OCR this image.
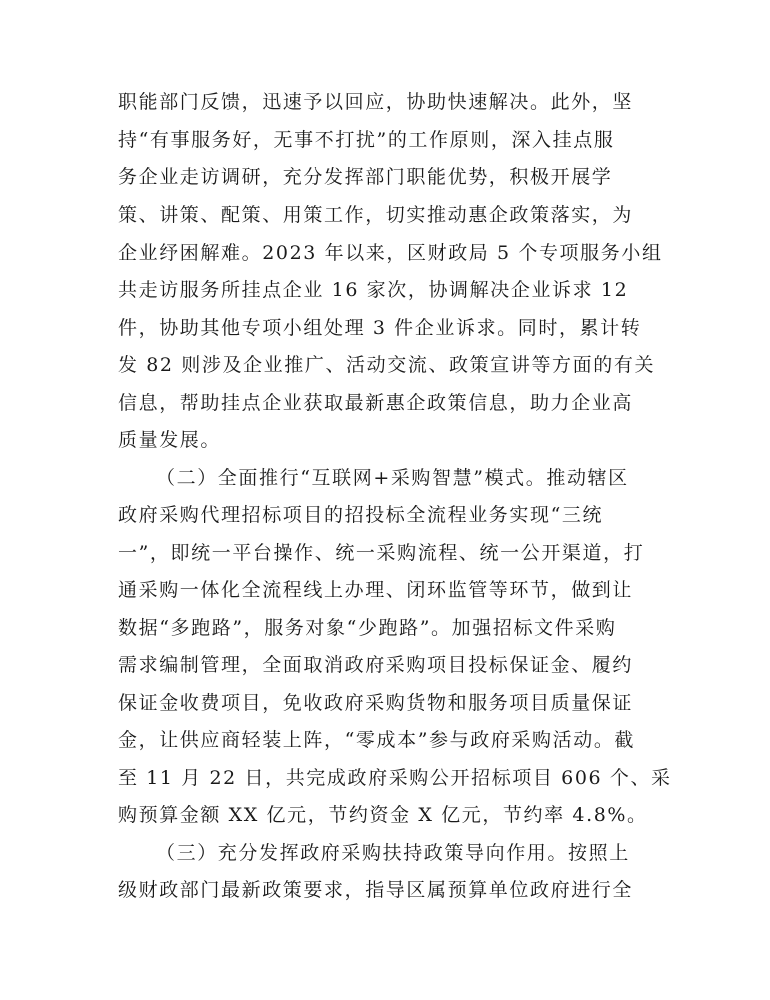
职能部门反馈，迅速予以回应，协助快速解决。此外，坚
持“有事服务好，无事不打扰”的工作原则，深入挂点服
务企业走访调研，充分发挥部门职能优势，积极开展学
策、讲策、配策、用策工作，切实推动惠企政策落实，为
企业纾困解难。2023 年以来，区财政局 5 个专项服务小组
共走访服务所挂点企业 16 家次，协调解决企业诉求 12
件，协助其他专项小组处理 3 件企业诉求。同时，累计转
发 82 则涉及企业推广、活动交流、政策宣讲等方面的有关
信息，帮助挂点企业获取最新惠企政策信息，助力企业高
质量发展。
（二）全面推行“互联网+采购智慧”模式。推动辖区
政府采购代理招标项目的招投标全流程业务实现“三统
一”，即统一平台操作、统一采购流程、统一公开渠道，打
通采购一体化全流程线上办理、闭环监管等环节，做到让
数据“多跑路”，服务对象“少跑路”。加强招标文件采购
需求编制管理，全面取消政府采购项目投标保证金、履约
保证金收费项目，免收政府采购货物和服务项目质量保证
金，让供应商轻装上阵，“零成本”参与政府采购活动。截
至 11 月 22 日，共完成政府采购公开招标项目 606 个、采
购预算金额 XX 亿元，节约资金 X 亿元，节约率 4.8%。
（三）充分发挥政府采购扶持政策导向作用。按照上
级财政部门最新政策要求，指导区属预算单位政府进行全
